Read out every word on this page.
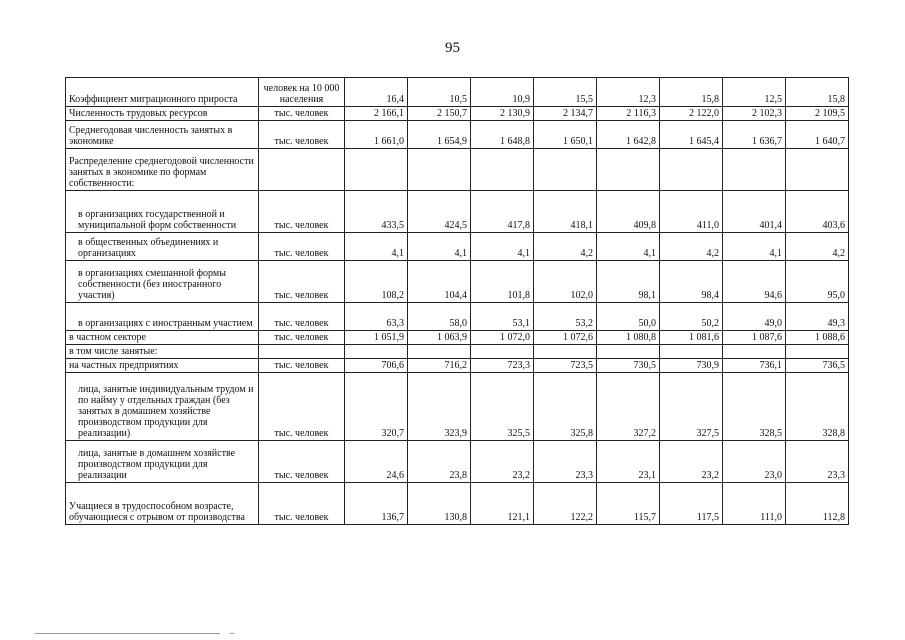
95
Коэффициент миграционного прироста	человек на 10 000 населения	16,4	10,5	10,9	15,5	12,3	15,8	12,5	15,8
Численность трудовых ресурсов	тыс. человек	2 166,1	2 150,7	2 130,9	2 134,7	2 116,3	2 122,0	2 102,3	2 109,5
Среднегодовая численность занятых в экономике	тыс. человек	1 661,0	1 654,9	1 648,8	1 650,1	1 642,8	1 645,4	1 636,7	1 640,7
Распределение среднегодовой численности занятых в экономике по формам собственности:									
в организациях государственной и муниципальной форм собственности	тыс. человек	433,5	424,5	417,8	418,1	409,8	411,0	401,4	403,6
в общественных объединениях и организациях	тыс. человек	4,1	4,1	4,1	4,2	4,1	4,2	4,1	4,2
в организациях смешанной формы собственности (без иностранного участия)	тыс. человек	108,2	104,4	101,8	102,0	98,1	98,4	94,6	95,0
в организациях с иностранным участием	тыс. человек	63,3	58,0	53,1	53,2	50,0	50,2	49,0	49,3
в частном секторе	тыс. человек	1 051,9	1 063,9	1 072,0	1 072,6	1 080,8	1 081,6	1 087,6	1 088,6
в том числе занятые:									
на частных предприятиях	тыс. человек	706,6	716,2	723,3	723,5	730,5	730,9	736,1	736,5
лица, занятые индивидуальным трудом и по найму у отдельных граждан (без занятых в домашнем хозяйстве производством продукции для реализации)	тыс. человек	320,7	323,9	325,5	325,8	327,2	327,5	328,5	328,8
лица, занятые в домашнем хозяйстве производством продукции для реализации	тыс. человек	24,6	23,8	23,2	23,3	23,1	23,2	23,0	23,3
Учащиеся в трудоспособном возрасте, обучающиеся с отрывом от производства	тыс. человек	136,7	130,8	121,1	122,2	115,7	117,5	111,0	112,8
